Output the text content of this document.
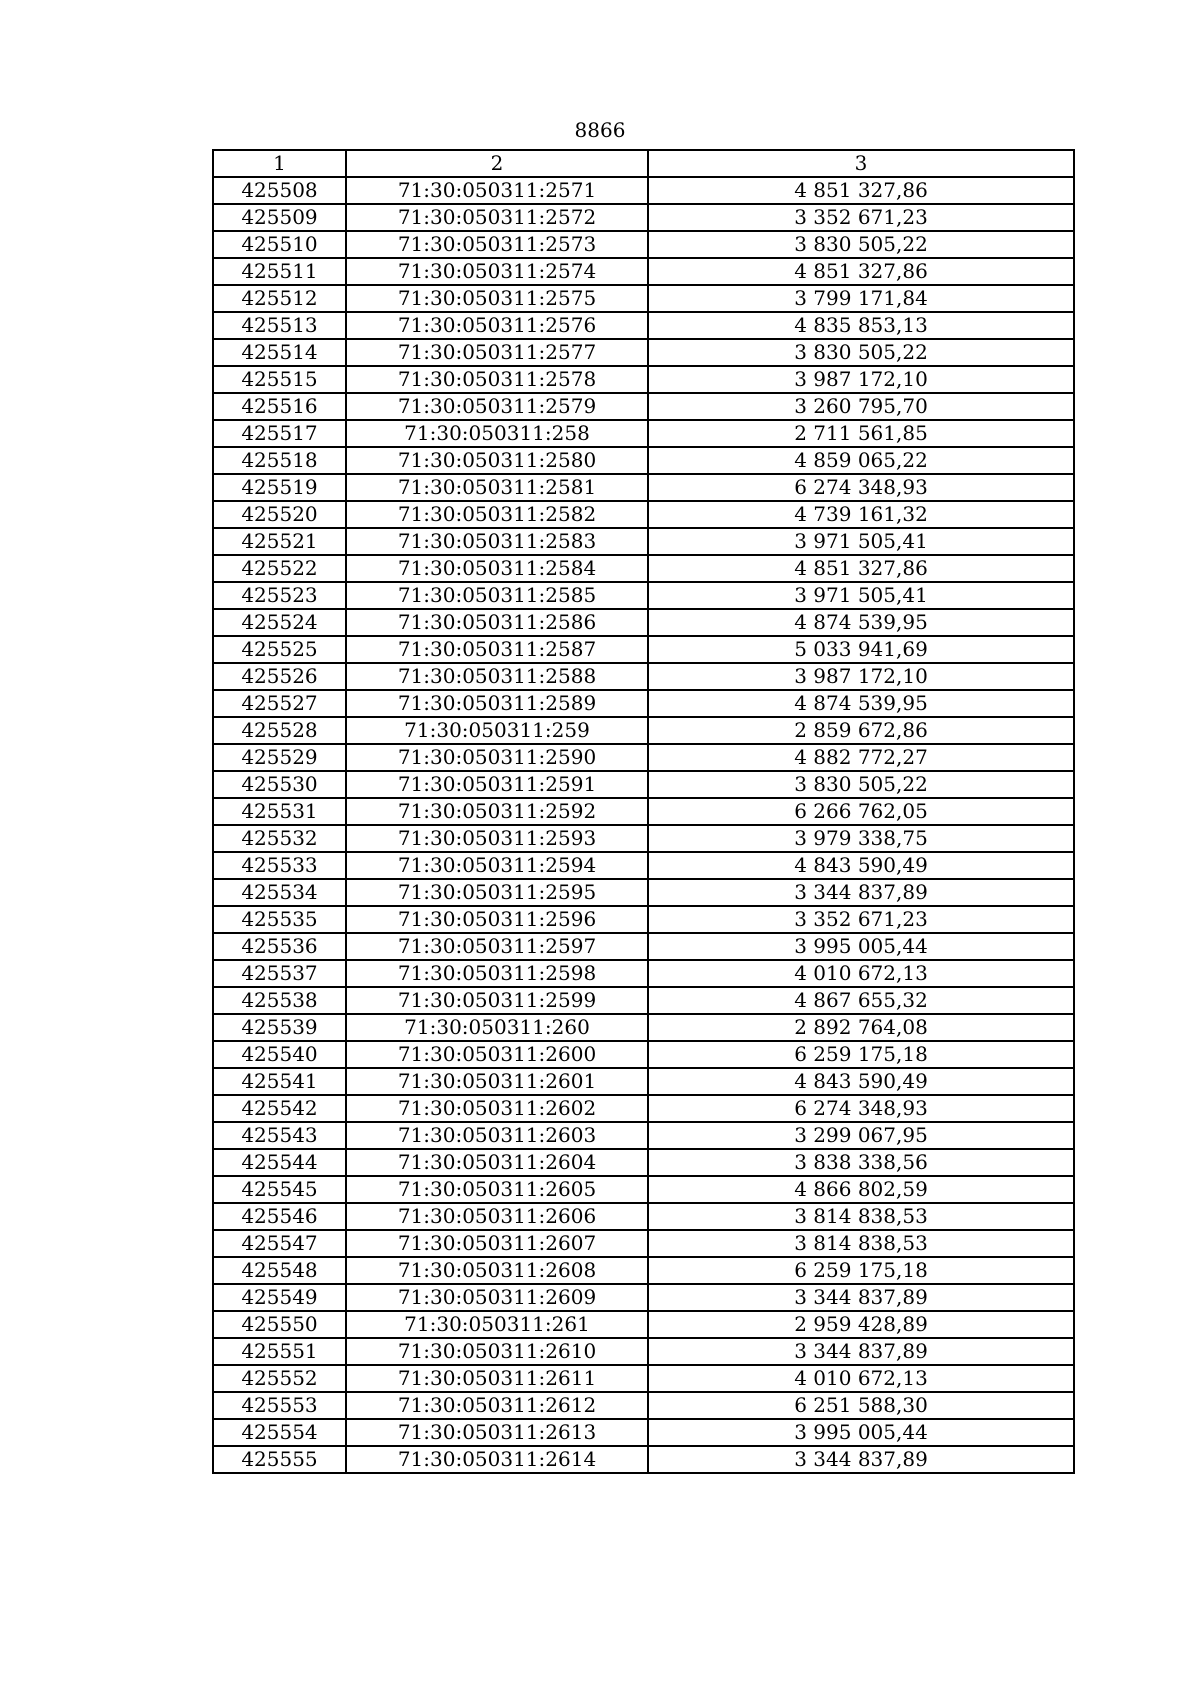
8866
1	2	3
425508	71:30:050311:2571	4 851 327,86
425509	71:30:050311:2572	3 352 671,23
425510	71:30:050311:2573	3 830 505,22
425511	71:30:050311:2574	4 851 327,86
425512	71:30:050311:2575	3 799 171,84
425513	71:30:050311:2576	4 835 853,13
425514	71:30:050311:2577	3 830 505,22
425515	71:30:050311:2578	3 987 172,10
425516	71:30:050311:2579	3 260 795,70
425517	71:30:050311:258	2 711 561,85
425518	71:30:050311:2580	4 859 065,22
425519	71:30:050311:2581	6 274 348,93
425520	71:30:050311:2582	4 739 161,32
425521	71:30:050311:2583	3 971 505,41
425522	71:30:050311:2584	4 851 327,86
425523	71:30:050311:2585	3 971 505,41
425524	71:30:050311:2586	4 874 539,95
425525	71:30:050311:2587	5 033 941,69
425526	71:30:050311:2588	3 987 172,10
425527	71:30:050311:2589	4 874 539,95
425528	71:30:050311:259	2 859 672,86
425529	71:30:050311:2590	4 882 772,27
425530	71:30:050311:2591	3 830 505,22
425531	71:30:050311:2592	6 266 762,05
425532	71:30:050311:2593	3 979 338,75
425533	71:30:050311:2594	4 843 590,49
425534	71:30:050311:2595	3 344 837,89
425535	71:30:050311:2596	3 352 671,23
425536	71:30:050311:2597	3 995 005,44
425537	71:30:050311:2598	4 010 672,13
425538	71:30:050311:2599	4 867 655,32
425539	71:30:050311:260	2 892 764,08
425540	71:30:050311:2600	6 259 175,18
425541	71:30:050311:2601	4 843 590,49
425542	71:30:050311:2602	6 274 348,93
425543	71:30:050311:2603	3 299 067,95
425544	71:30:050311:2604	3 838 338,56
425545	71:30:050311:2605	4 866 802,59
425546	71:30:050311:2606	3 814 838,53
425547	71:30:050311:2607	3 814 838,53
425548	71:30:050311:2608	6 259 175,18
425549	71:30:050311:2609	3 344 837,89
425550	71:30:050311:261	2 959 428,89
425551	71:30:050311:2610	3 344 837,89
425552	71:30:050311:2611	4 010 672,13
425553	71:30:050311:2612	6 251 588,30
425554	71:30:050311:2613	3 995 005,44
425555	71:30:050311:2614	3 344 837,89
